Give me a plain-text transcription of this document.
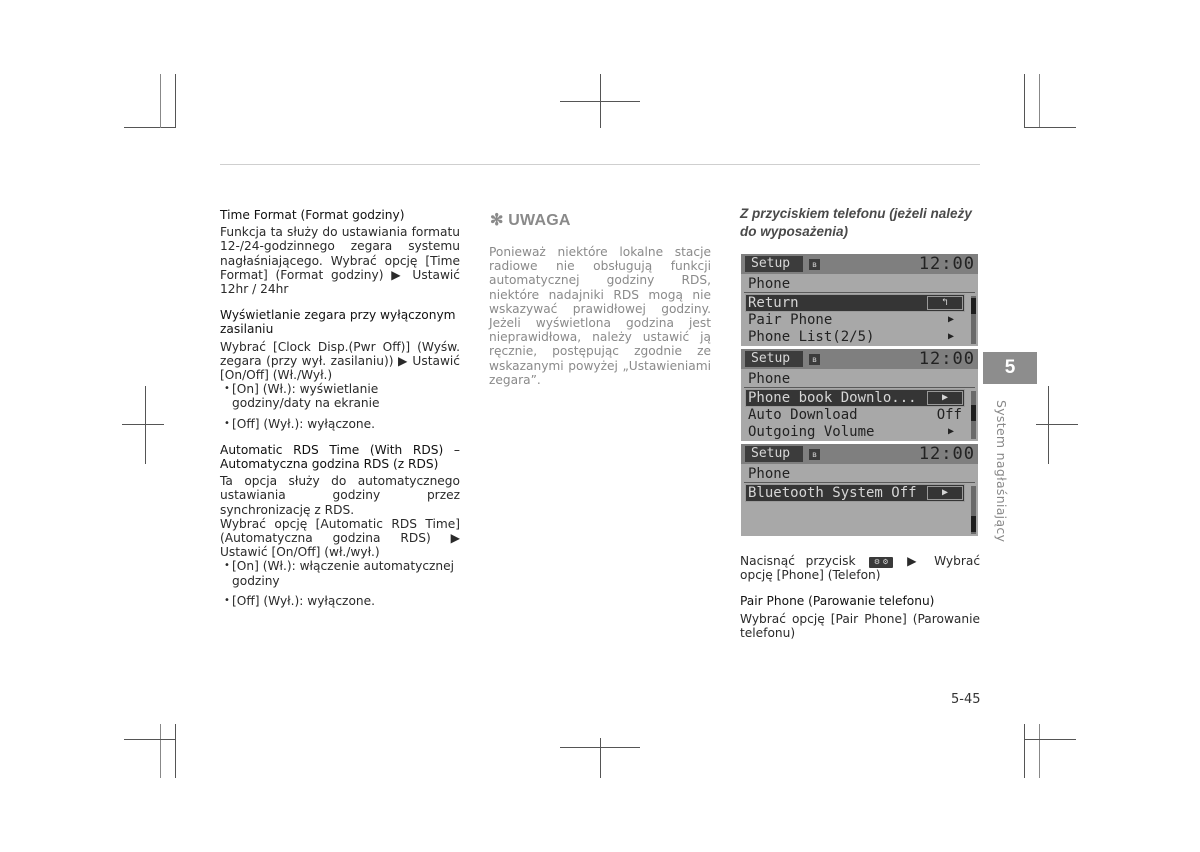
Time Format (Format godziny)

Funkcja ta służy do ustawiania formatu 12-/24-godzinnego zegara systemu nagłaśniającego. Wybrać opcję [Time Format] (Format godziny) ▶ Ustawić 12hr / 24hr

Wyświetlanie zegara przy wyłączonym zasilaniu

Wybrać [Clock Disp.(Pwr Off)] (Wyśw. zegara (przy wył. zasilaniu)) ▶ Ustawić [On/Off] (Wł./Wył.)

• [On] (Wł.): wyświetlanie godziny/daty na ekranie

• [Off] (Wył.): wyłączone.

Automatic RDS Time (With RDS) – Automatyczna godzina RDS (z RDS)

Ta opcja służy do automatycznego ustawiania godziny przez synchronizację z RDS.

Wybrać opcję [Automatic RDS Time] (Automatyczna godzina RDS) ▶ Ustawić [On/Off] (wł./wył.)

• [On] (Wł.): włączenie automatycznej godziny

• [Off] (Wył.): wyłączone.

✻ UWAGA

Ponieważ niektóre lokalne stacje radiowe nie obsługują funkcji automatycznej godziny RDS, niektóre nadajniki RDS mogą nie wskazywać prawidłowej godziny. Jeżeli wyświetlona godzina jest nieprawidłowa, należy ustawić ją ręcznie, postępując zgodnie ze wskazanymi powyżej „Ustawieniami zegara”.

Z przyciskiem telefonu (jeżeli należy do wyposażenia)
Setup	ʙ	12:00
Phone
Return	↰
Pair Phone	▶
Phone List(2/5)	▶
Setup	ʙ	12:00
Phone
Phone book Downlo...	▶
Auto Download	Off
Outgoing Volume	▶
Setup	ʙ	12:00
Phone
Bluetooth System Off	▶

Nacisnąć przycisk	⚙ ⚙ ▶ Wybrać opcję [Phone] (Telefon)

Pair Phone (Parowanie telefonu)

Wybrać opcję [Pair Phone] (Parowanie telefonu)

5
System nagłaśniający
5-45
